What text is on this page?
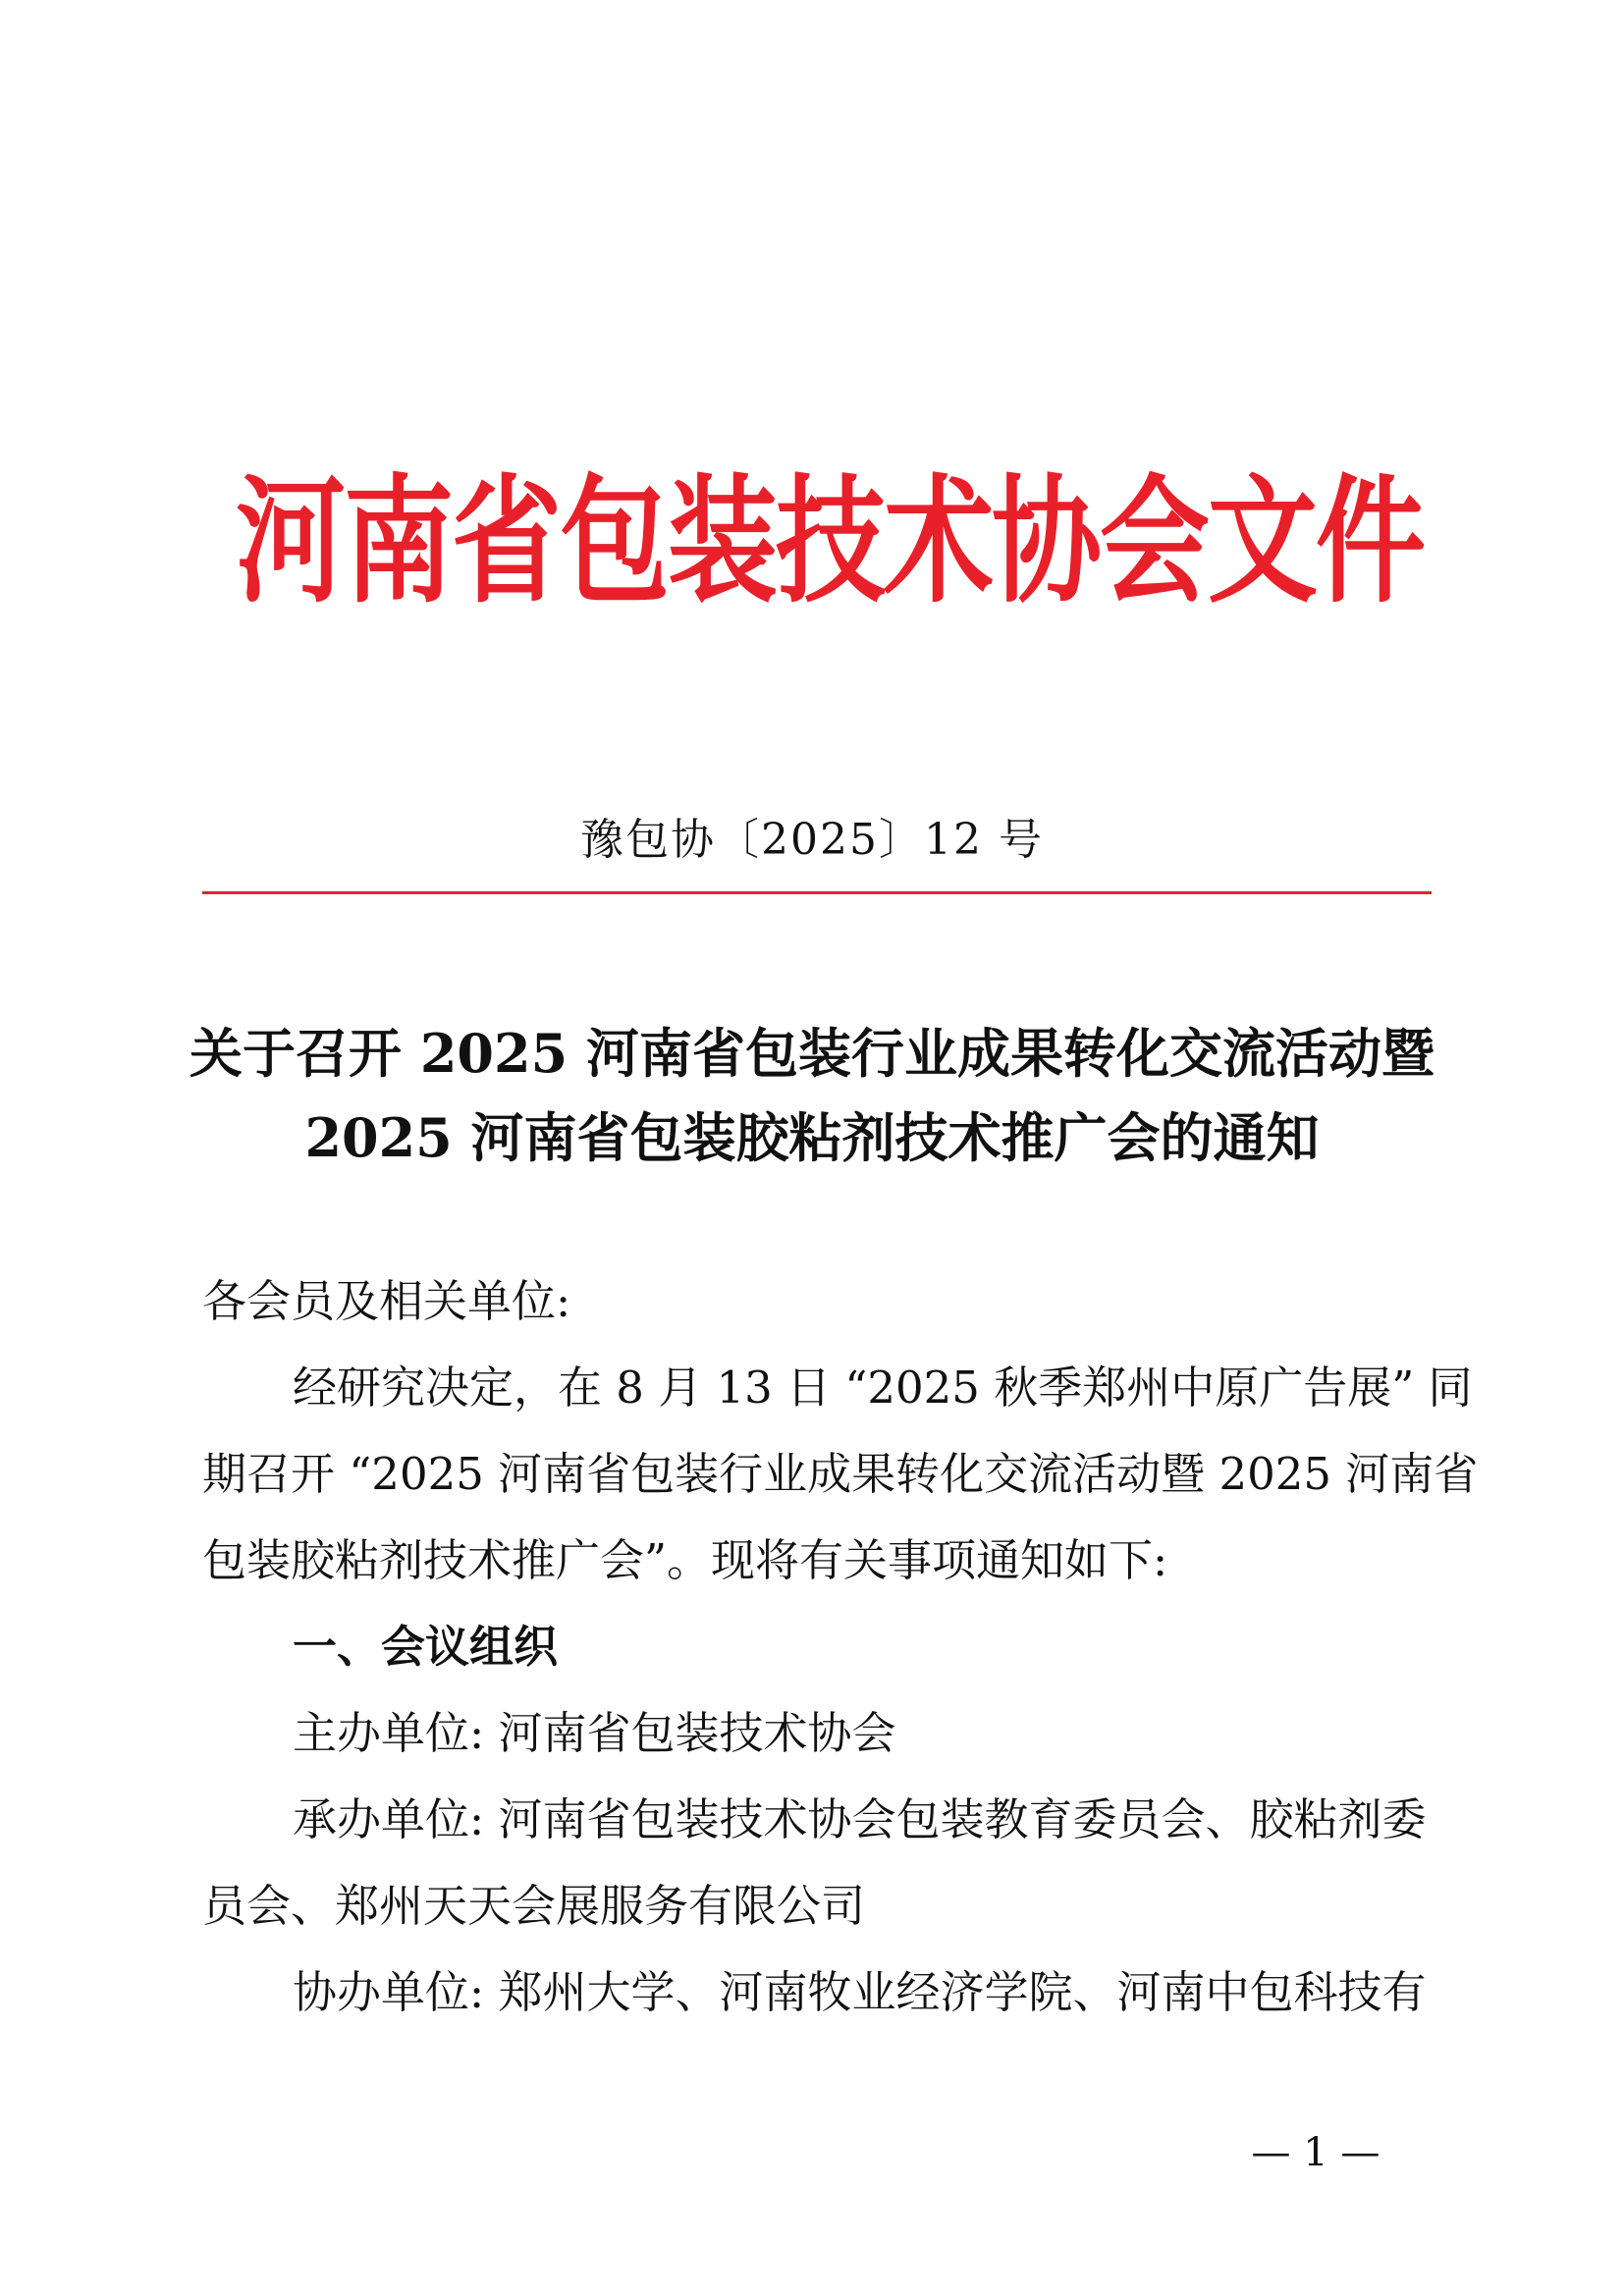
河南省包装技术协会文件
豫包协〔2025〕12 号
关于召开 2025 河南省包装行业成果转化交流活动暨
2025 河南省包装胶粘剂技术推广会的通知
各会员及相关单位:
经研究决定，在 8 月 13 日 “2025 秋季郑州中原广告展” 同
期召开 “2025 河南省包装行业成果转化交流活动暨 2025 河南省
包装胶粘剂技术推广会”。现将有关事项通知如下:
一、会议组织
主办单位: 河南省包装技术协会
承办单位: 河南省包装技术协会包装教育委员会、胶粘剂委
员会、郑州天天会展服务有限公司
协办单位: 郑州大学、河南牧业经济学院、河南中包科技有
— 1 —
